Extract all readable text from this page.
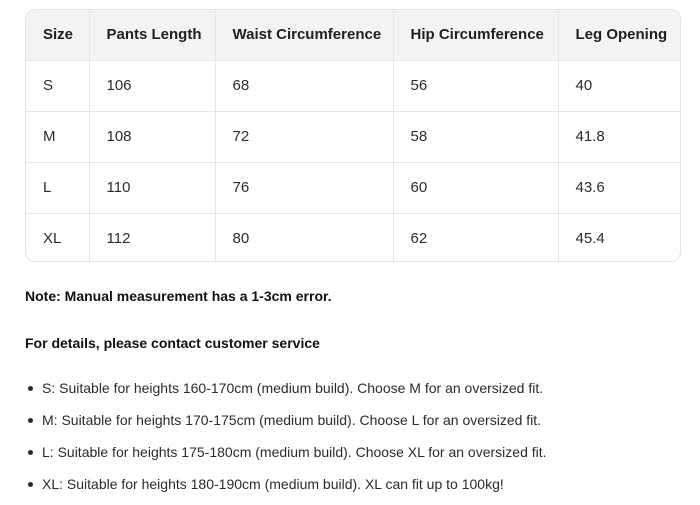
Size	Pants Length	Waist Circumference	Hip Circumference	Leg Opening
S	106	68	56	40
M	108	72	58	41.8
L	110	76	60	43.6
XL	112	80	62	45.4
Note: Manual measurement has a 1-3cm error.
For details, please contact customer service
S: Suitable for heights 160-170cm (medium build). Choose M for an oversized fit.
M: Suitable for heights 170-175cm (medium build). Choose L for an oversized fit.
L: Suitable for heights 175-180cm (medium build). Choose XL for an oversized fit.
XL: Suitable for heights 180-190cm (medium build). XL can fit up to 100kg!
